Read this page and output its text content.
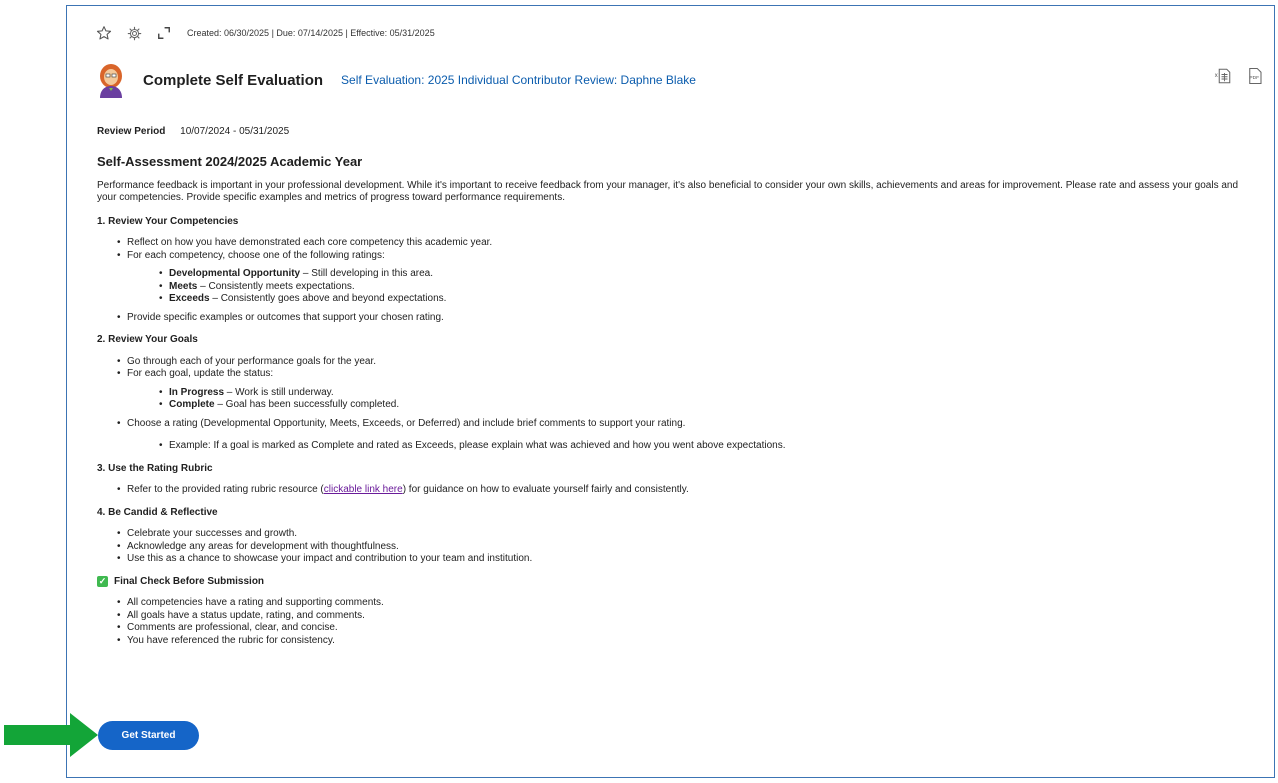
Created: 06/30/2025 | Due: 07/14/2025 | Effective: 05/31/2025
Complete Self Evaluation Self Evaluation: 2025 Individual Contributor Review: Daphne Blake	x	PDF
Review Period 10/07/2024 - 05/31/2025
Self-Assessment 2024/2025 Academic Year

Performance feedback is important in your professional development. While it's important to receive feedback from your manager, it's also beneficial to consider your own skills, achievements and areas for improvement. Please rate and assess your goals and your competencies. Provide specific examples and metrics of progress toward performance requirements.

1. Review Your Competencies
• Reflect on how you have demonstrated each core competency this academic year.
• For each competency, choose one of the following ratings:
• Developmental Opportunity – Still developing in this area.
• Meets – Consistently meets expectations.
• Exceeds – Consistently goes above and beyond expectations.
• Provide specific examples or outcomes that support your chosen rating.
2. Review Your Goals
• Go through each of your performance goals for the year.
• For each goal, update the status:
• In Progress – Work is still underway.
• Complete – Goal has been successfully completed.
• Choose a rating (Developmental Opportunity, Meets, Exceeds, or Deferred) and include brief comments to support your rating.
• Example: If a goal is marked as Complete and rated as Exceeds, please explain what was achieved and how you went above expectations.
3. Use the Rating Rubric
• Refer to the provided rating rubric resource (clickable link here) for guidance on how to evaluate yourself fairly and consistently.
4. Be Candid & Reflective
• Celebrate your successes and growth.
• Acknowledge any areas for development with thoughtfulness.
• Use this as a chance to showcase your impact and contribution to your team and institution.
✓ Final Check Before Submission
• All competencies have a rating and supporting comments.
• All goals have a status update, rating, and comments.
• Comments are professional, clear, and concise.
• You have referenced the rubric for consistency.
Get Started
